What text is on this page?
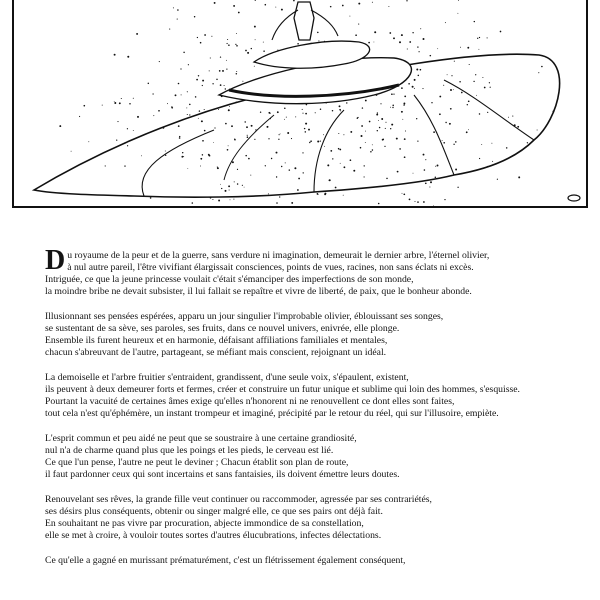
D u royaume de la peur et de la guerre, sans verdure ni imagination, demeurait le dernier arbre, l'éternel olivier,
à nul autre pareil, l'être vivifiant élargissait consciences, points de vues, racines, non sans éclats ni excès.
Intriguée, ce que la jeune princesse voulait c'était s'émanciper des imperfections de son monde,
la moindre bribe ne devait subsister, il lui fallait se repaître et vivre de liberté, de paix, que le bonheur abonde.
Illusionnant ses pensées espérées, apparu un jour singulier l'improbable olivier, éblouissant ses songes,
se sustentant de sa sève, ses paroles, ses fruits, dans ce nouvel univers, enivrée, elle plonge.
Ensemble ils furent heureux et en harmonie, défaisant affiliations familiales et mentales,
chacun s'abreuvant de l'autre, partageant, se méfiant mais conscient, rejoignant un idéal.
La demoiselle et l'arbre fruitier s'entraident, grandissent, d'une seule voix, s'épaulent, existent,
ils peuvent à deux demeurer forts et fermes, créer et construire un futur unique et sublime qui loin des hommes, s'esquisse.
Pourtant la vacuité de certaines âmes exige qu'elles n'honorent ni ne renouvellent ce dont elles sont faites,
tout cela n'est qu'éphémère, un instant trompeur et imaginé, précipité par le retour du réel, qui sur l'illusoire, empiète.
L'esprit commun et peu aidé ne peut que se soustraire à une certaine grandiosité,
nul n'a de charme quand plus que les poings et les pieds, le cerveau est lié.
Ce que l'un pense, l'autre ne peut le deviner ; Chacun établit son plan de route,
il faut pardonner ceux qui sont incertains et sans fantaisies, ils doivent émettre leurs doutes.
Renouvelant ses rêves, la grande fille veut continuer ou raccommoder, agressée par ses contrariétés,
ses désirs plus conséquents, obtenir ou singer malgré elle, ce que ses pairs ont déjà fait.
En souhaitant ne pas vivre par procuration, abjecte immondice de sa constellation,
elle se met à croire, à vouloir toutes sortes d'autres élucubrations, infectes délectations.
Ce qu'elle a gagné en murissant prématurément, c'est un flétrissement également conséquent,
